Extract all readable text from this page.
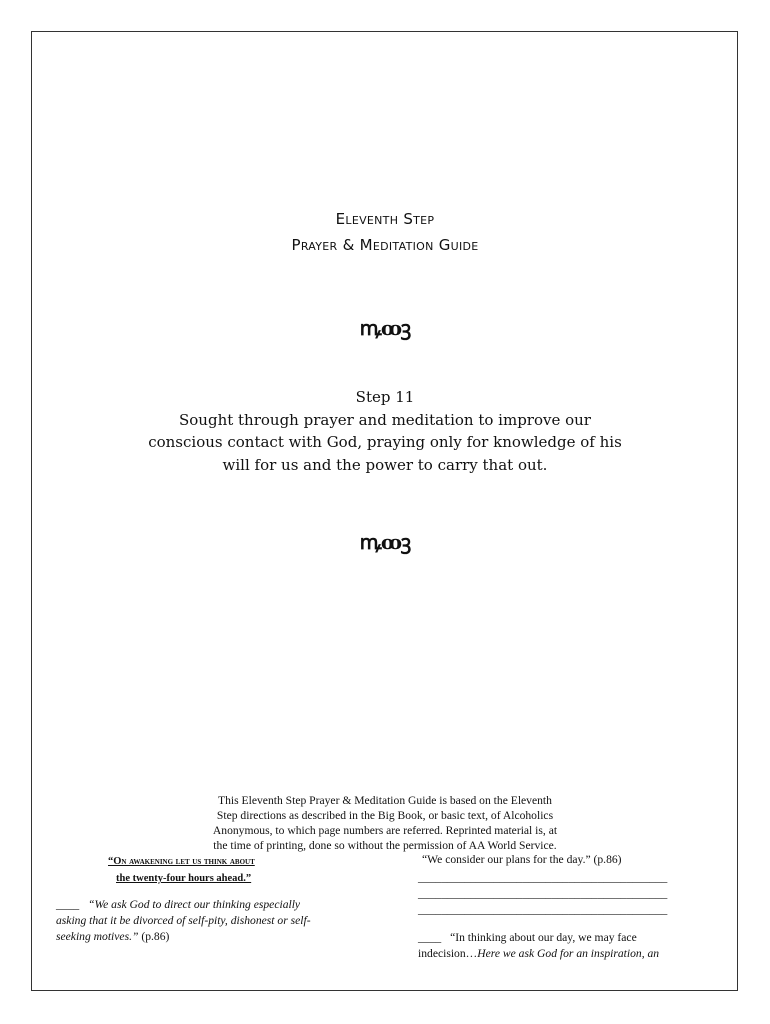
Eleventh Step
Prayer & Meditation Guide
ꝳꝏꝫ
Step 11
Sought through prayer and meditation to improve our
conscious contact with God, praying only for knowledge of his
will for us and the power to carry that out.
ꝳꝏꝫ
This Eleventh Step Prayer & Meditation Guide is based on the Eleventh
Step directions as described in the Big Book, or basic text, of Alcoholics
Anonymous, to which page numbers are referred. Reprinted material is, at
the time of printing, done so without the permission of AA World Service.
“On awakening let us think about
the twenty-four hours ahead.”
____ “We ask God to direct our thinking especially
asking that it be divorced of self-pity, dishonest or self-
seeking motives.” (p.86)
“We consider our plans for the day.” (p.86)
___________________________________________
___________________________________________
___________________________________________
____ “In thinking about our day, we may face
indecision…Here we ask God for an inspiration, an
